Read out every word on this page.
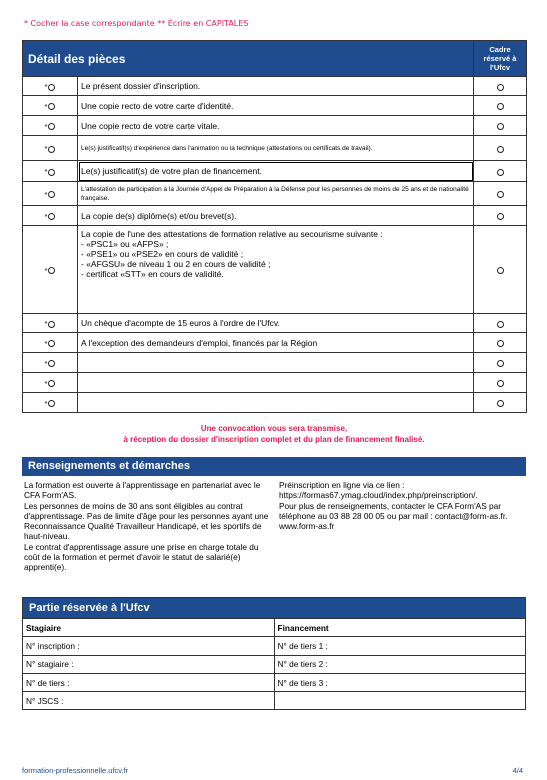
* Cocher la case correspondante ** Écrire en CAPITALES
Détail des pièces		Cadre
réservé à
l'Ufcv
*	Le présent dossier d'inscription.	
*	Une copie recto de votre carte d'identité.	
*	Une copie recto de votre carte vitale.	
*	Le(s) justificatif(s) d'expérience dans l'animation ou la technique (attestations ou certificats de travail).	
*	Le(s) justificatif(s) de votre plan de financement.	
*	L'attestation de participation à la Journée d'Appel de Préparation à la Défense pour les personnes de moins de 25 ans et de nationalité française.	
*	La copie de(s) diplôme(s) et/ou brevet(s).	
*	La copie de l'une des attestations de formation relative au secourisme suivante :
- «PSC1» ou «AFPS» ;
- «PSE1» ou «PSE2» en cours de validité ;
- «AFGSU» de niveau 1 ou 2 en cours de validité ;
- certificat «STT» en cours de validité.	

*	Un chèque d'acompte de 15 euros à l'ordre de l'Ufcv.	
*	A l'exception des demandeurs d'emploi, financés par la Région	
*		
*		
*		
Une convocation vous sera transmise,
à réception du dossier d'inscription complet et du plan de financement finalisé.
Renseignements et démarches

La formation est ouverte à l'apprentissage en partenariat avec le CFA Form'AS.

Les personnes de moins de 30 ans sont éligibles au contrat d'apprentissage. Pas de limite d'âge pour les personnes ayant une Reconnaissance Qualité Travailleur Handicapé, et les sportifs de haut-niveau.

Le contrat d'apprentissage assure une prise en charge totale du coût de la formation et permet d'avoir le statut de salarié(e) apprenti(e).

Préinscription en ligne via ce lien :

https://formas67.ymag.cloud/index.php/preinscription/.

Pour plus de renseignements, contacter le CFA Form'AS par téléphone au 03 88 28 00 05 ou par mail : contact@form-as.fr.

www.form-as.fr

Partie réservée à l'Ufcv
Stagiaire	Financement
N° inscription :	N° de tiers 1 :
N° stagiaire :	N° de tiers 2 :
N° de tiers :	N° de tiers 3 :
N° JSCS :	
formation-professionnelle.ufcv.fr	4/4
